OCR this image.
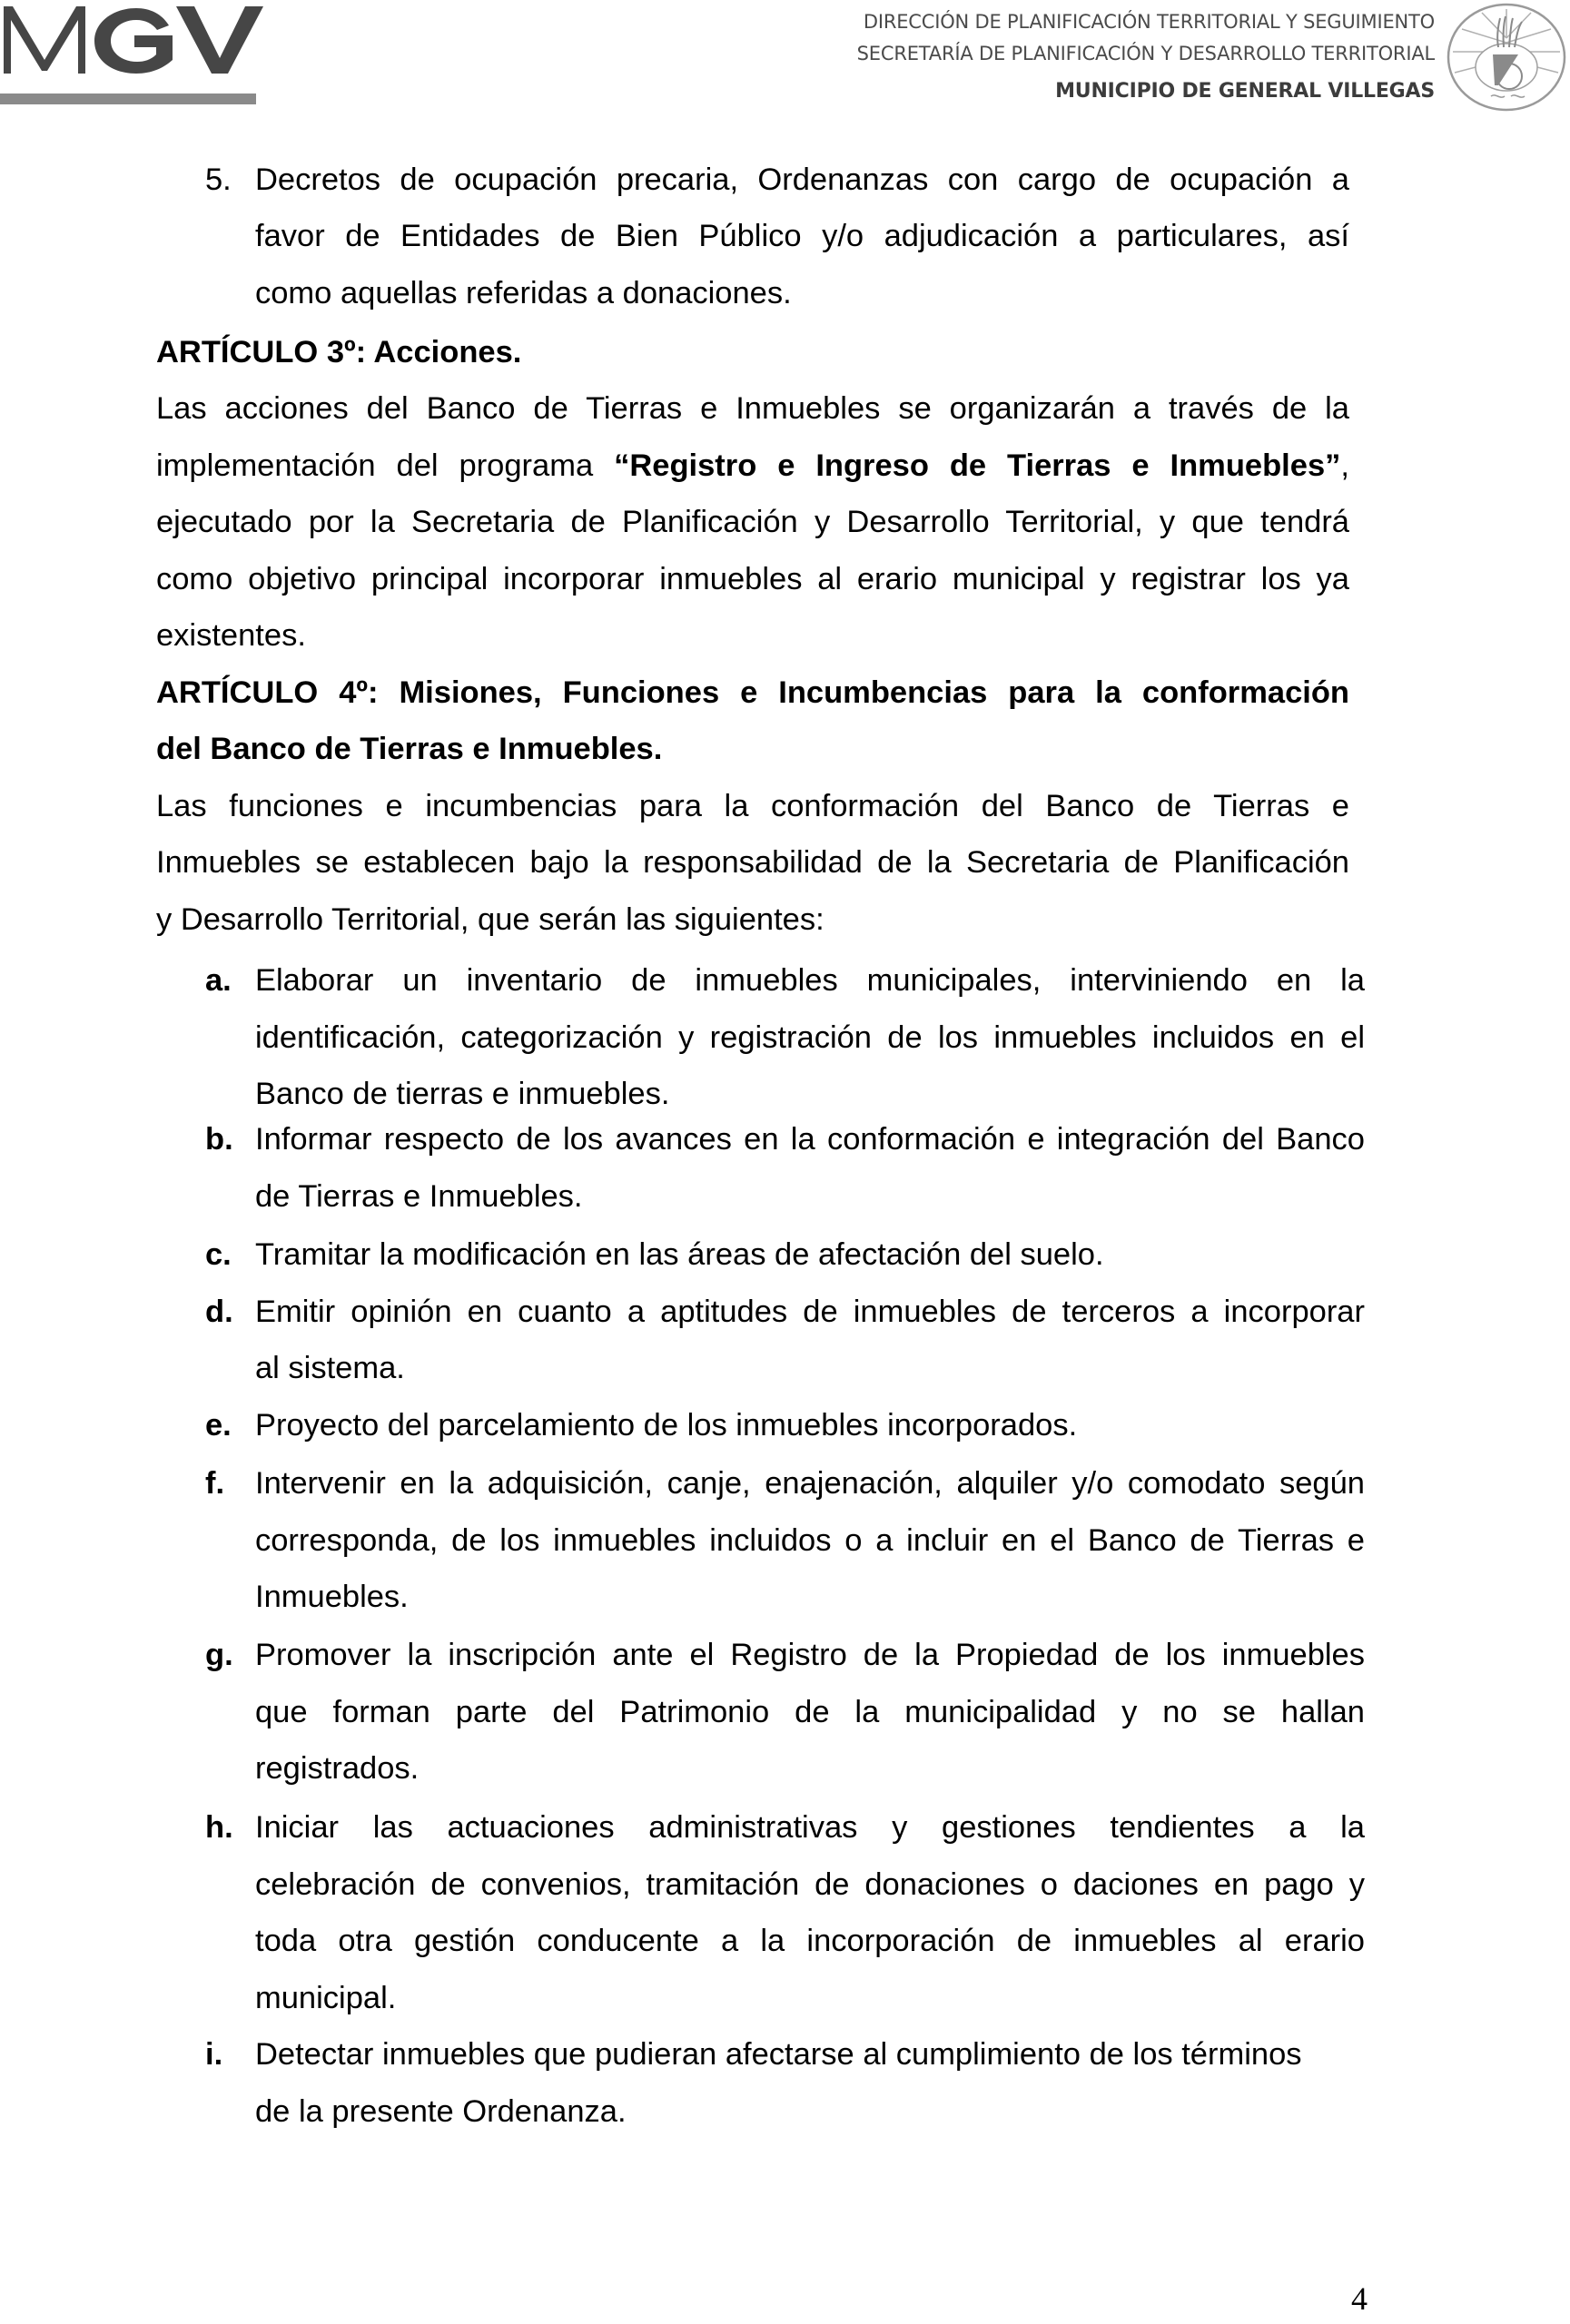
DIRECCIÓN DE PLANIFICACIÓN TERRITORIAL Y SEGUIMIENTO
SECRETARÍA DE PLANIFICACIÓN Y DESARROLLO TERRITORIAL
MUNICIPIO DE GENERAL VILLEGAS
5. Decretos de ocupación precaria, Ordenanzas con cargo de ocupación a
favor de Entidades de Bien Público y/o adjudicación a particulares, así
como aquellas referidas a donaciones.
ARTÍCULO 3º: Acciones.
Las acciones del Banco de Tierras e Inmuebles se organizarán a través de la
implementación del programa “Registro e Ingreso de Tierras e Inmuebles”,
ejecutado por la Secretaria de Planificación y Desarrollo Territorial, y que tendrá
como objetivo principal incorporar inmuebles al erario municipal y registrar los ya
existentes.
ARTÍCULO 4º: Misiones, Funciones e Incumbencias para la conformación
del Banco de Tierras e Inmuebles.
Las funciones e incumbencias para la conformación del Banco de Tierras e
Inmuebles se establecen bajo la responsabilidad de la Secretaria de Planificación
y Desarrollo Territorial, que serán las siguientes:
a. Elaborar un inventario de inmuebles municipales, interviniendo en la
identificación, categorización y registración de los inmuebles incluidos en el
Banco de tierras e inmuebles.
b. Informar respecto de los avances en la conformación e integración del Banco
de Tierras e Inmuebles.
c. Tramitar la modificación en las áreas de afectación del suelo.
d. Emitir opinión en cuanto a aptitudes de inmuebles de terceros a incorporar
al sistema.
e. Proyecto del parcelamiento de los inmuebles incorporados.
f. Intervenir en la adquisición, canje, enajenación, alquiler y/o comodato según
corresponda, de los inmuebles incluidos o a incluir en el Banco de Tierras e
Inmuebles.
g. Promover la inscripción ante el Registro de la Propiedad de los inmuebles
que forman parte del Patrimonio de la municipalidad y no se hallan
registrados.
h. Iniciar las actuaciones administrativas y gestiones tendientes a la
celebración de convenios, tramitación de donaciones o daciones en pago y
toda otra gestión conducente a la incorporación de inmuebles al erario
municipal.
i. Detectar inmuebles que pudieran afectarse al cumplimiento de los términos
de la presente Ordenanza.
4
